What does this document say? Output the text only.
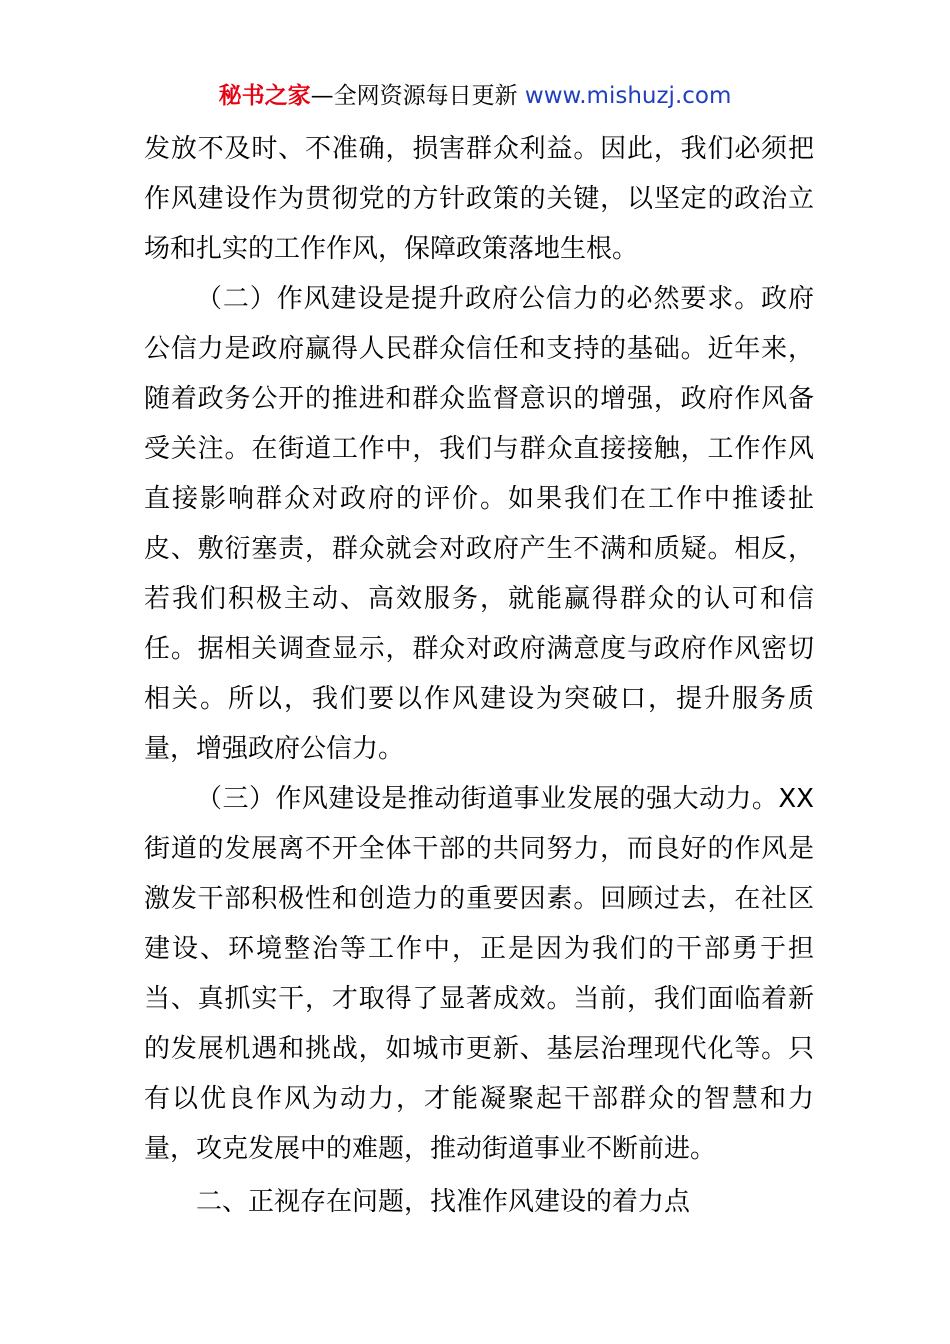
秘书之家—全网资源每日更新 www.mishuzj.com

发放不及时、不准确，损害群众利益。因此，我们必须把作风建设作为贯彻党的方针政策的关键，以坚定的政治立场和扎实的工作作风，保障政策落地生根。

（二）作风建设是提升政府公信力的必然要求。政府公信力是政府赢得人民群众信任和支持的基础。近年来，随着政务公开的推进和群众监督意识的增强，政府作风备受关注。在街道工作中，我们与群众直接接触，工作作风直接影响群众对政府的评价。如果我们在工作中推诿扯皮、敷衍塞责，群众就会对政府产生不满和质疑。相反，若我们积极主动、高效服务，就能赢得群众的认可和信任。据相关调查显示，群众对政府满意度与政府作风密切相关。所以，我们要以作风建设为突破口，提升服务质量，增强政府公信力。

（三）作风建设是推动街道事业发展的强大动力。XX街道的发展离不开全体干部的共同努力，而良好的作风是激发干部积极性和创造力的重要因素。回顾过去，在社区建设、环境整治等工作中，正是因为我们的干部勇于担当、真抓实干，才取得了显著成效。当前，我们面临着新的发展机遇和挑战，如城市更新、基层治理现代化等。只有以优良作风为动力，才能凝聚起干部群众的智慧和力量，攻克发展中的难题，推动街道事业不断前进。

二、正视存在问题，找准作风建设的着力点
